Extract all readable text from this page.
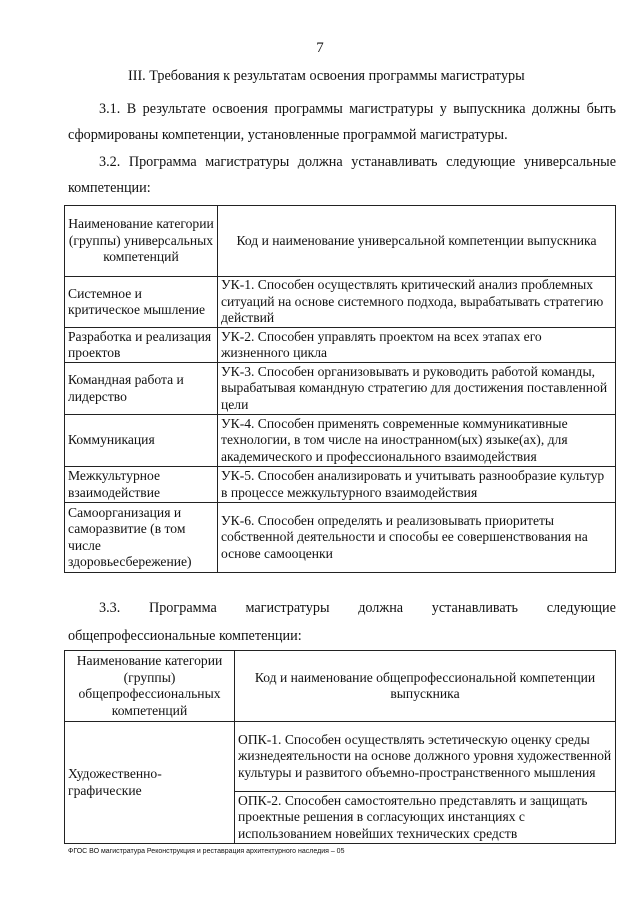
7
III. Требования к результатам освоения программы магистратуры
3.1. В результате освоения программы магистратуры у выпускника должны быть сформированы компетенции, установленные программой магистратуры.
3.2. Программа магистратуры должна устанавливать следующие универсальные компетенции:
Наименование категории (группы) универсальных компетенций	Код и наименование универсальной компетенции выпускника
Системное и критическое мышление	УК-1. Способен осуществлять критический анализ проблемных ситуаций на основе системного подхода, вырабатывать стратегию действий
Разработка и реализация проектов	УК-2. Способен управлять проектом на всех этапах его жизненного цикла
Командная работа и лидерство	УК-3. Способен организовывать и руководить работой команды, вырабатывая командную стратегию для достижения поставленной цели
Коммуникация	УК-4. Способен применять современные коммуникативные технологии, в том числе на иностранном(ых) языке(ах), для академического и профессионального взаимодействия
Межкультурное взаимодействие	УК-5. Способен анализировать и учитывать разнообразие культур в процессе межкультурного взаимодействия
Самоорганизация и саморазвитие (в том числе здоровьесбережение)	УК-6. Способен определять и реализовывать приоритеты собственной деятельности и способы ее совершенствования на основе самооценки
3.3. Программа магистратуры должна устанавливать следующие
общепрофессиональные компетенции:
Наименование категории (группы) общепрофессиональных компетенций	Код и наименование общепрофессиональной компетенции выпускника
Художественно-графические	ОПК-1. Способен осуществлять эстетическую оценку среды жизнедеятельности на основе должного уровня художественной культуры и развитого объемно-пространственного мышления
	ОПК-2. Способен самостоятельно представлять и защищать проектные решения в согласующих инстанциях с использованием новейших технических средств
ФГОС ВО магистратура Реконструкция и реставрация архитектурного наследия – 05
